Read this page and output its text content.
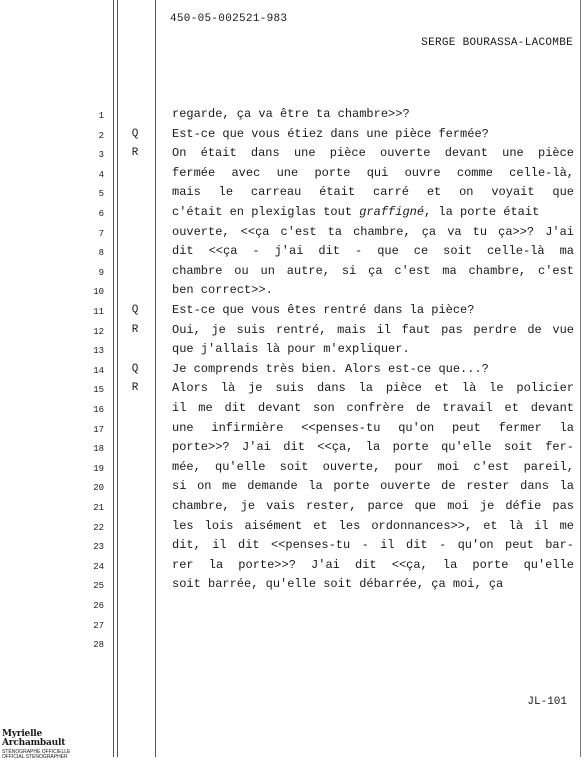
450-05-002521-983
SERGE BOURASSA-LACOMBE
1	regarde, ça va être ta chambre>>?
2	Q	Est-ce que vous étiez dans une pièce fermée?
3	R	On était dans une pièce ouverte devant une pièce
4	fermée avec une porte qui ouvre comme celle-là,
5	mais le carreau était carré et on voyait que
6	c'était en plexiglas tout graffigné, la porte était
7	ouverte, <<ça c'est ta chambre, ça va tu ça>>? J'ai
8	dit <<ça - j'ai dit - que ce soit celle-là ma
9	chambre ou un autre, si ça c'est ma chambre, c'est
10	ben correct>>.
11	Q	Est-ce que vous êtes rentré dans la pièce?
12	R	Oui, je suis rentré, mais il faut pas perdre de vue
13	que j'allais là pour m'expliquer.
14	Q	Je comprends très bien. Alors est-ce que...?
15	R	Alors là je suis dans la pièce et là le policier
16	il me dit devant son confrère de travail et devant
17	une infirmière <<penses-tu qu'on peut fermer la
18	porte>>? J'ai dit <<ça, la porte qu'elle soit fer-
19	mée, qu'elle soit ouverte, pour moi c'est pareil,
20	si on me demande la porte ouverte de rester dans la
21	chambre, je vais rester, parce que moi je défie pas
22	les lois aisément et les ordonnances>>, et là il me
23	dit, il dit <<penses-tu - il dit - qu'on peut bar-
24	rer la porte>>? J'ai dit <<ça, la porte qu'elle
25	soit barrée, qu'elle soit débarrée, ça moi, ça
26
27
28
JL-101
Myrielle Archambault
STÉNOGRAPHE OFFICIELLE
OFFICIAL STENOGRAPHER
